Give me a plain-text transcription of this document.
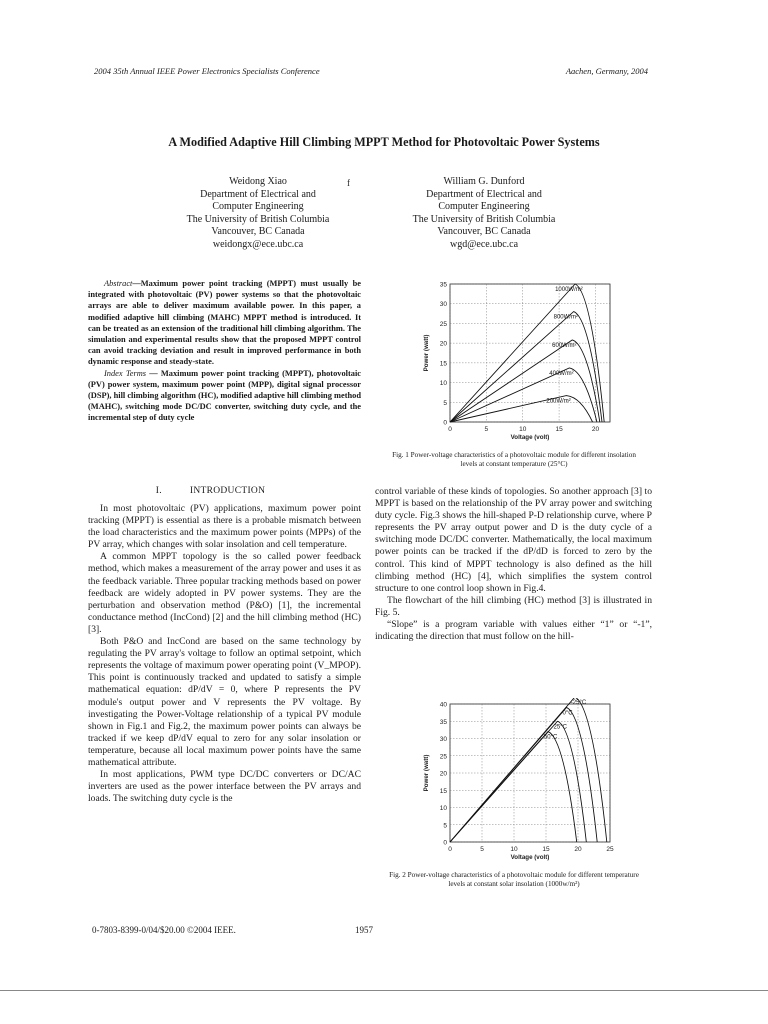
2004 35th Annual IEEE Power Electronics Specialists Conference	Aachen, Germany, 2004
A Modified Adaptive Hill Climbing MPPT Method for Photovoltaic Power Systems
Weidong Xiao
Department of Electrical and
Computer Engineering
The University of British Columbia
Vancouver, BC Canada
weidongx@ece.ubc.ca
f	William G. Dunford
Department of Electrical and
Computer Engineering
The University of British Columbia
Vancouver, BC Canada
wgd@ece.ubc.ca

Abstract—Maximum power point tracking (MPPT) must usually be integrated with photovoltaic (PV) power systems so that the photovoltaic arrays are able to deliver maximum available power. In this paper, a modified adaptive hill climbing (MAHC) MPPT method is introduced. It can be treated as an extension of the traditional hill climbing algorithm. The simulation and experimental results show that the proposed MPPT control can avoid tracking deviation and result in improved performance in both dynamic response and steady-state.

Index Terms — Maximum power point tracking (MPPT), photovoltaic (PV) power system, maximum power point (MPP), digital signal processor (DSP), hill climbing algorithm (HC), modified adaptive hill climbing method (MAHC), switching mode DC/DC converter, switching duty cycle, and the incremental step of duty cycle

I.	INTRODUCTION

In most photovoltaic (PV) applications, maximum power point tracking (MPPT) is essential as there is a probable mismatch between the load characteristics and the maximum power points (MPPs) of the PV array, which changes with solar insolation and cell temperature.

A common MPPT topology is the so called power feedback method, which makes a measurement of the array power and uses it as the feedback variable. Three popular tracking methods based on power feedback are widely adopted in PV power systems. They are the perturbation and observation method (P&O) [1], the incremental conductance method (IncCond) [2] and the hill climbing method (HC) [3].

Both P&O and IncCond are based on the same technology by regulating the PV array's voltage to follow an optimal setpoint, which represents the voltage of maximum power operating point (V_MPOP). This point is continuously tracked and updated to satisfy a simple mathematical equation: dP/dV = 0, where P represents the PV module's output power and V represents the PV voltage. By investigating the Power-Voltage relationship of a typical PV module shown in Fig.1 and Fig.2, the maximum power points can always be tracked if we keep dP/dV equal to zero for any solar insolation or temperature, because all local maximum power points have the same mathematical attribute.

In most applications, PWM type DC/DC converters or DC/AC inverters are used as the power interface between the PV arrays and loads. The switching duty cycle is the

control variable of these kinds of topologies. So another approach [3] to MPPT is based on the relationship of the PV array power and switching duty cycle. Fig.3 shows the hill-shaped P-D relationship curve, where P represents the PV array output power and D is the duty cycle of a switching mode DC/DC converter. Mathematically, the local maximum power points can be tracked if the dP/dD is forced to zero by the control. This kind of MPPT technology is also defined as the hill climbing method (HC) [4], which simplifies the system control structure to one control loop shown in Fig.4.

The flowchart of the hill climbing (HC) method [3] is illustrated in Fig. 5.

“Slope” is a program variable with values either “1” or “-1”, indicating the direction that must follow on the hill-

0
5
10
15
20
25
30
35
0	5	10	15	20
Voltage (volt)
Power (watt)
1000W/m²
800W/m²
600W/m²
400W/m²
200W/m²
Fig. 1 Power-voltage characteristics of a photovoltaic module for different insolation levels at constant temperature (25°C)
0
5
10
15
20
25
30
35
40
0	5	10	15	20	25
Voltage (volt)
Power (watt)
-25°C
0°C
25°C
50°C
Fig. 2 Power-voltage characteristics of a photovoltaic module for different temperature levels at constant solar insolation (1000w/m²)
0-7803-8399-0/04/$20.00 ©2004 IEEE.	1957
